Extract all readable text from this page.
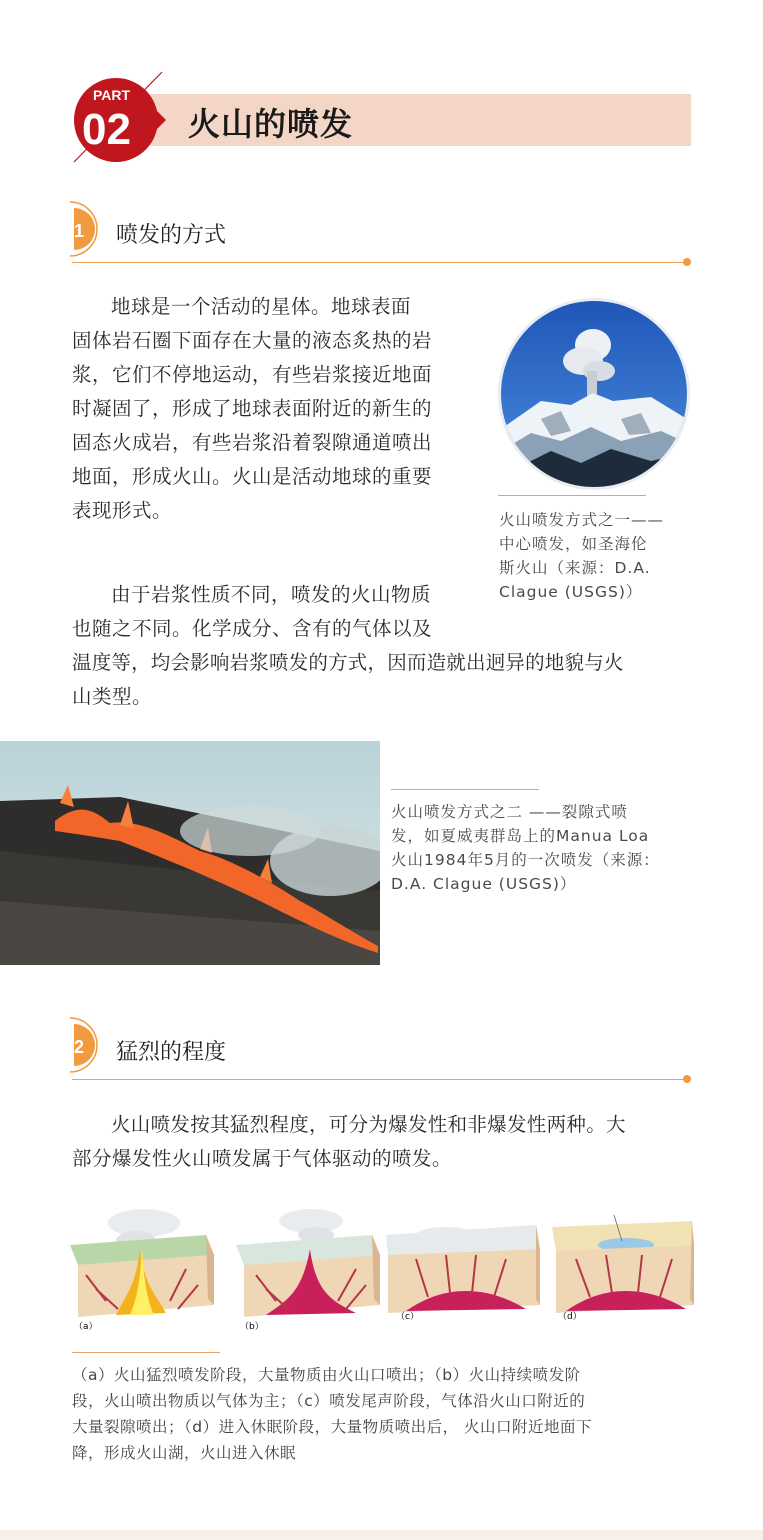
PART
02 火山的喷发
1 喷发的方式

地球是一个活动的星体。地球表面

固体岩石圈下面存在大量的液态炙热的岩

浆，它们不停地运动，有些岩浆接近地面

时凝固了，形成了地球表面附近的新生的

固态火成岩，有些岩浆沿着裂隙通道喷出

地面，形成火山。火山是活动地球的重要

表现形式。

由于岩浆性质不同，喷发的火山物质

也随之不同。化学成分、含有的气体以及

温度等，均会影响岩浆喷发的方式，因而造就出迥异的地貌与火

山类型。

火山喷发方式之一——
中心喷发，如圣海伦
斯火山（来源：D.A.
Clague (USGS)）
火山喷发方式之二 ——裂隙式喷
发，如夏威夷群岛上的Manua Loa
火山1984年5月的一次喷发（来源：
D.A. Clague (USGS)）
2 猛烈的程度

火山喷发按其猛烈程度，可分为爆发性和非爆发性两种。大

部分爆发性火山喷发属于气体驱动的喷发。

（a）	（b）
（c）	（d）
（a）火山猛烈喷发阶段，大量物质由火山口喷出；（b）火山持续喷发阶
段，火山喷出物质以气体为主；（c）喷发尾声阶段，气体沿火山口附近的
大量裂隙喷出；（d）进入休眠阶段，大量物质喷出后， 火山口附近地面下
降，形成火山湖，火山进入休眠
